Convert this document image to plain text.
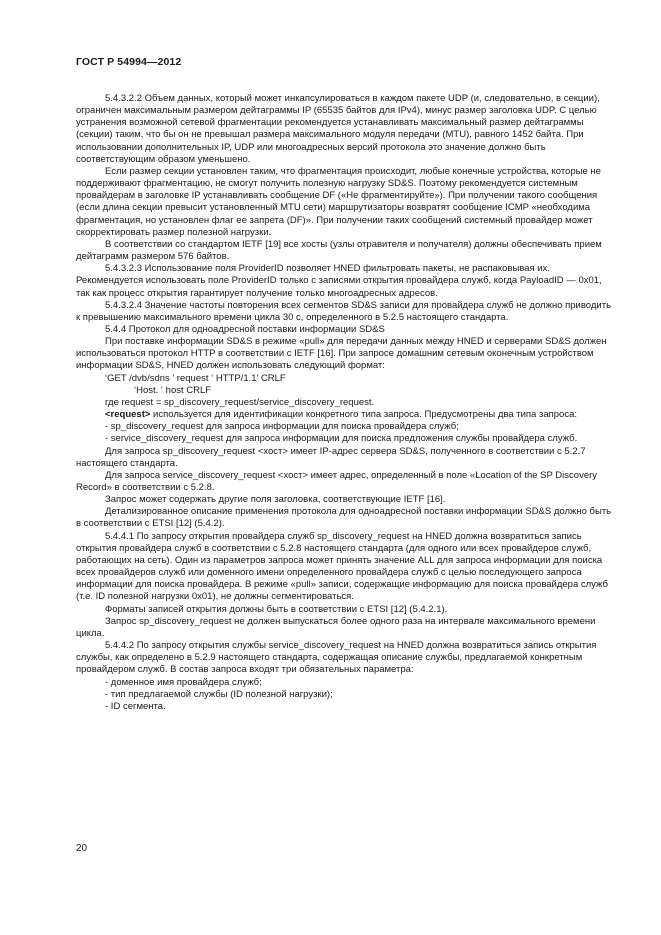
ГОСТ Р 54994—2012

5.4.3.2.2 Объем данных, который может инкапсулироваться в каждом пакете UDP (и, следовательно, в секции), ограничен максимальным размером дейтаграммы IP (65535 байтов для IPv4), минус размер заголовка UDP. С целью устранения возможной сетевой фрагментации рекомендуется устанавливать максимальный размер дейтаграммы (секции) таким, что бы он не превышал размера максимального модуля передачи (MTU), равного 1452 байта. При использовании дополнительных IP, UDP или многоадресных версий протокола это значение должно быть соответствующим образом уменьшено.

Если размер секции установлен таким, что фрагментация происходит, любые конечные устройства, которые не поддерживают фрагментацию, не смогут получить полезную нагрузку SD&S. Поэтому рекомендуется системным провайдерам в заголовке IP устанавливать сообщение DF («Не фрагментируйте»). При получении такого сообщения (если длина секции превысит установленный MTU сети) маршрутизаторы возвратят сообщение ICMP «необходима фрагментация, но установлен флаг ее запрета (DF)». При получении таких сообщений системный провайдер может скорректировать размер полезной нагрузки.

В соответствии со стандартом IETF [19] все хосты (узлы отравителя и получателя) должны обеспечивать прием дейтаграмм размером 576 байтов.

5.4.3.2.3 Использование поля ProviderID позволяет HNED фильтровать пакеты, не распаковывая их. Рекомендуется использовать поле ProviderID только с записями открытия провайдера служб, когда PayloadID — 0x01, так как процесс открытия гарантирует получение только многоадресных адресов.

5.4.3.2.4 Значение частоты повторения всех сегментов SD&S записи для провайдера служб не должно приводить к превышению максимального времени цикла 30 с, определенного в 5.2.5 настоящего стандарта.

5.4.4 Протокол для одноадресной поставки информации SD&S

При поставке информации SD&S в режиме «pull» для передачи данных между HNED и серверами SD&S должен использоваться протокол HTTP в соответствии с IETF [16]. При запросе домашним сетевым оконечным устройством информации SD&S, HNED должен использовать следующий формат:

‘GET /dvb/sdns ’ request ‘ HTTP/1.1’ CRLF

‘Host. ‘ host CRLF

где request = sp_discovery_request/service_discovery_request.

<request> используется для идентификации конкретного типа запроса. Предусмотрены два типа запроса:

- sp_discovery_request для запроса информации для поиска провайдера служб;

- service_discovery_request для запроса информации для поиска предложения службы провайдера служб.

Для запроса sp_discovery_request <хост> имеет IP-адрес сервера SD&S, полученного в соответствии с 5.2.7 настоящего стандарта.

Для запроса service_discovery_request <хост> имеет адрес, определенный в поле «Location of the SP Discovery Record» в соответствии с 5.2.8.

Запрос может содержать другие поля заголовка, соответствующие IETF [16].

Детализированное описание применения протокола для одноадресной поставки информации SD&S должно быть в соответствии с ETSI [12] (5.4.2).

5.4.4.1 По запросу открытия провайдера служб sp_discovery_request на HNED должна возвратиться запись открытия провайдера служб в соответствии с 5.2.8 настоящего стандарта (для одного или всех провайдеров служб, работающих на сеть). Один из параметров запроса может принять значение ALL для запроса информации для поиска всех провайдеров служб или доменного имени определенного провайдера служб с целью последующего запроса информации для поиска провайдера. В режиме «pull» записи, содержащие информацию для поиска провайдера служб (т.е. ID полезной нагрузки 0x01), не должны сегментироваться.

Форматы записей открытия должны быть в соответствии с ETSI [12] (5.4.2.1).

Запрос sp_discovery_request не должен выпускаться более одного раза на интервале максимального времени цикла.

5.4.4.2 По запросу открытия службы service_discovery_request на HNED должна возвратиться запись открытия службы, как определено в 5.2.9 настоящего стандарта, содержащая описание службы, предлагаемой конкретным провайдером служб. В состав запроса входят три обязательных параметра:

- доменное имя провайдера служб;

- тип предлагаемой службы (ID полезной нагрузки);

- ID сегмента.

20
